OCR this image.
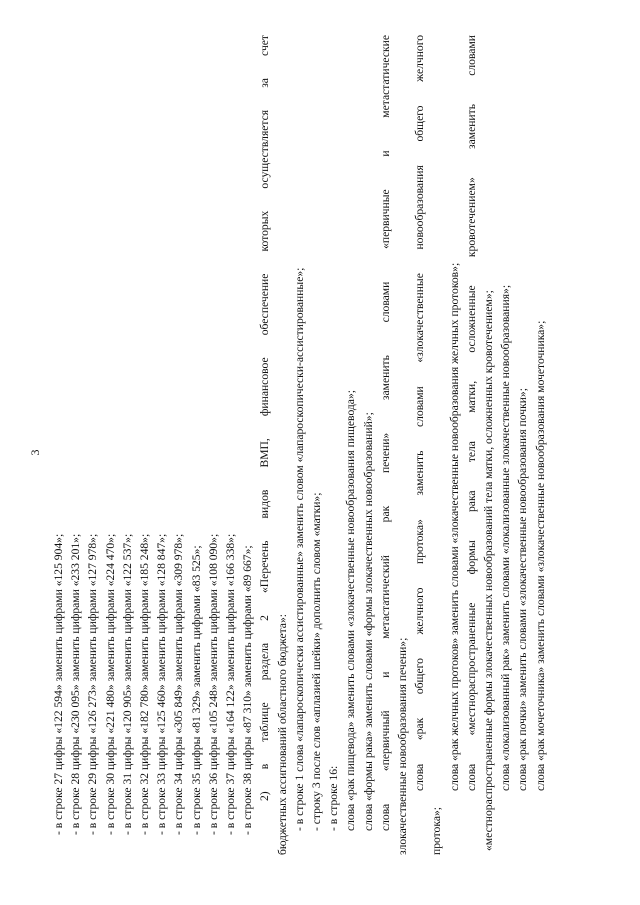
3
- в строке 27 цифры «122 594» заменить цифрами «125 904»; - в строке 28 цифры «230 095» заменить цифрами «233 201»; - в строке 29 цифры «126 273» заменить цифрами «127 978»; - в строке 30 цифры «221 480» заменить цифрами «224 470»; - в строке 31 цифры «120 905» заменить цифрами «122 537»; - в строке 32 цифры «182 780» заменить цифрами «185 248»; - в строке 33 цифры «125 460» заменить цифрами «128 847»; - в строке 34 цифры «305 849» заменить цифрами «309 978»; - в строке 35 цифры «81 329» заменить цифрами «83 525»; - в строке 36 цифры «105 248» заменить цифрами «108 090»; - в строке 37 цифры «164 122» заменить цифрами «166 338»; - в строке 38 цифры «87 310» заменить цифрами «89 667»; 2) в таблице раздела 2 «Перечень видов ВМП, финансовое обеспечение которых осуществляется за счет бюджетных ассигнований областного бюджета»: - в строке 1 слова «лапароскопически ассистированные» заменить словом «лапароскопически-ассистированные»; - строку 3 после слов «аплазией шейки» дополнить словом «матки»; - в строке 16: слова «рак пищевода» заменить словами «злокачественные новообразования пищевода»; слова «формы рака» заменить словами «формы злокачественных новообразований»; слова «первичный и метастатический рак печени» заменить словами «первичные и метастатические злокачественные новообразования печени»; слова «рак общего желчного протока» заменить словами «злокачественные новообразования общего желчного
протока»;
слова «рак желчных протоков» заменить словами «злокачественные новообразования желчных протоков»; слова «местнораспространенные формы рака тела матки, осложненные кровотечением» заменить словами «местнораспространенные формы злокачественных новообразований тела матки, осложненных кровотечением»; слова «локализованный рак» заменить словами «локализованные злокачественные новообразования»; слова «рак почки» заменить словами «злокачественные новообразования почки»; слова «рак мочеточника» заменить словами «злокачественные новообразования мочеточника»;
